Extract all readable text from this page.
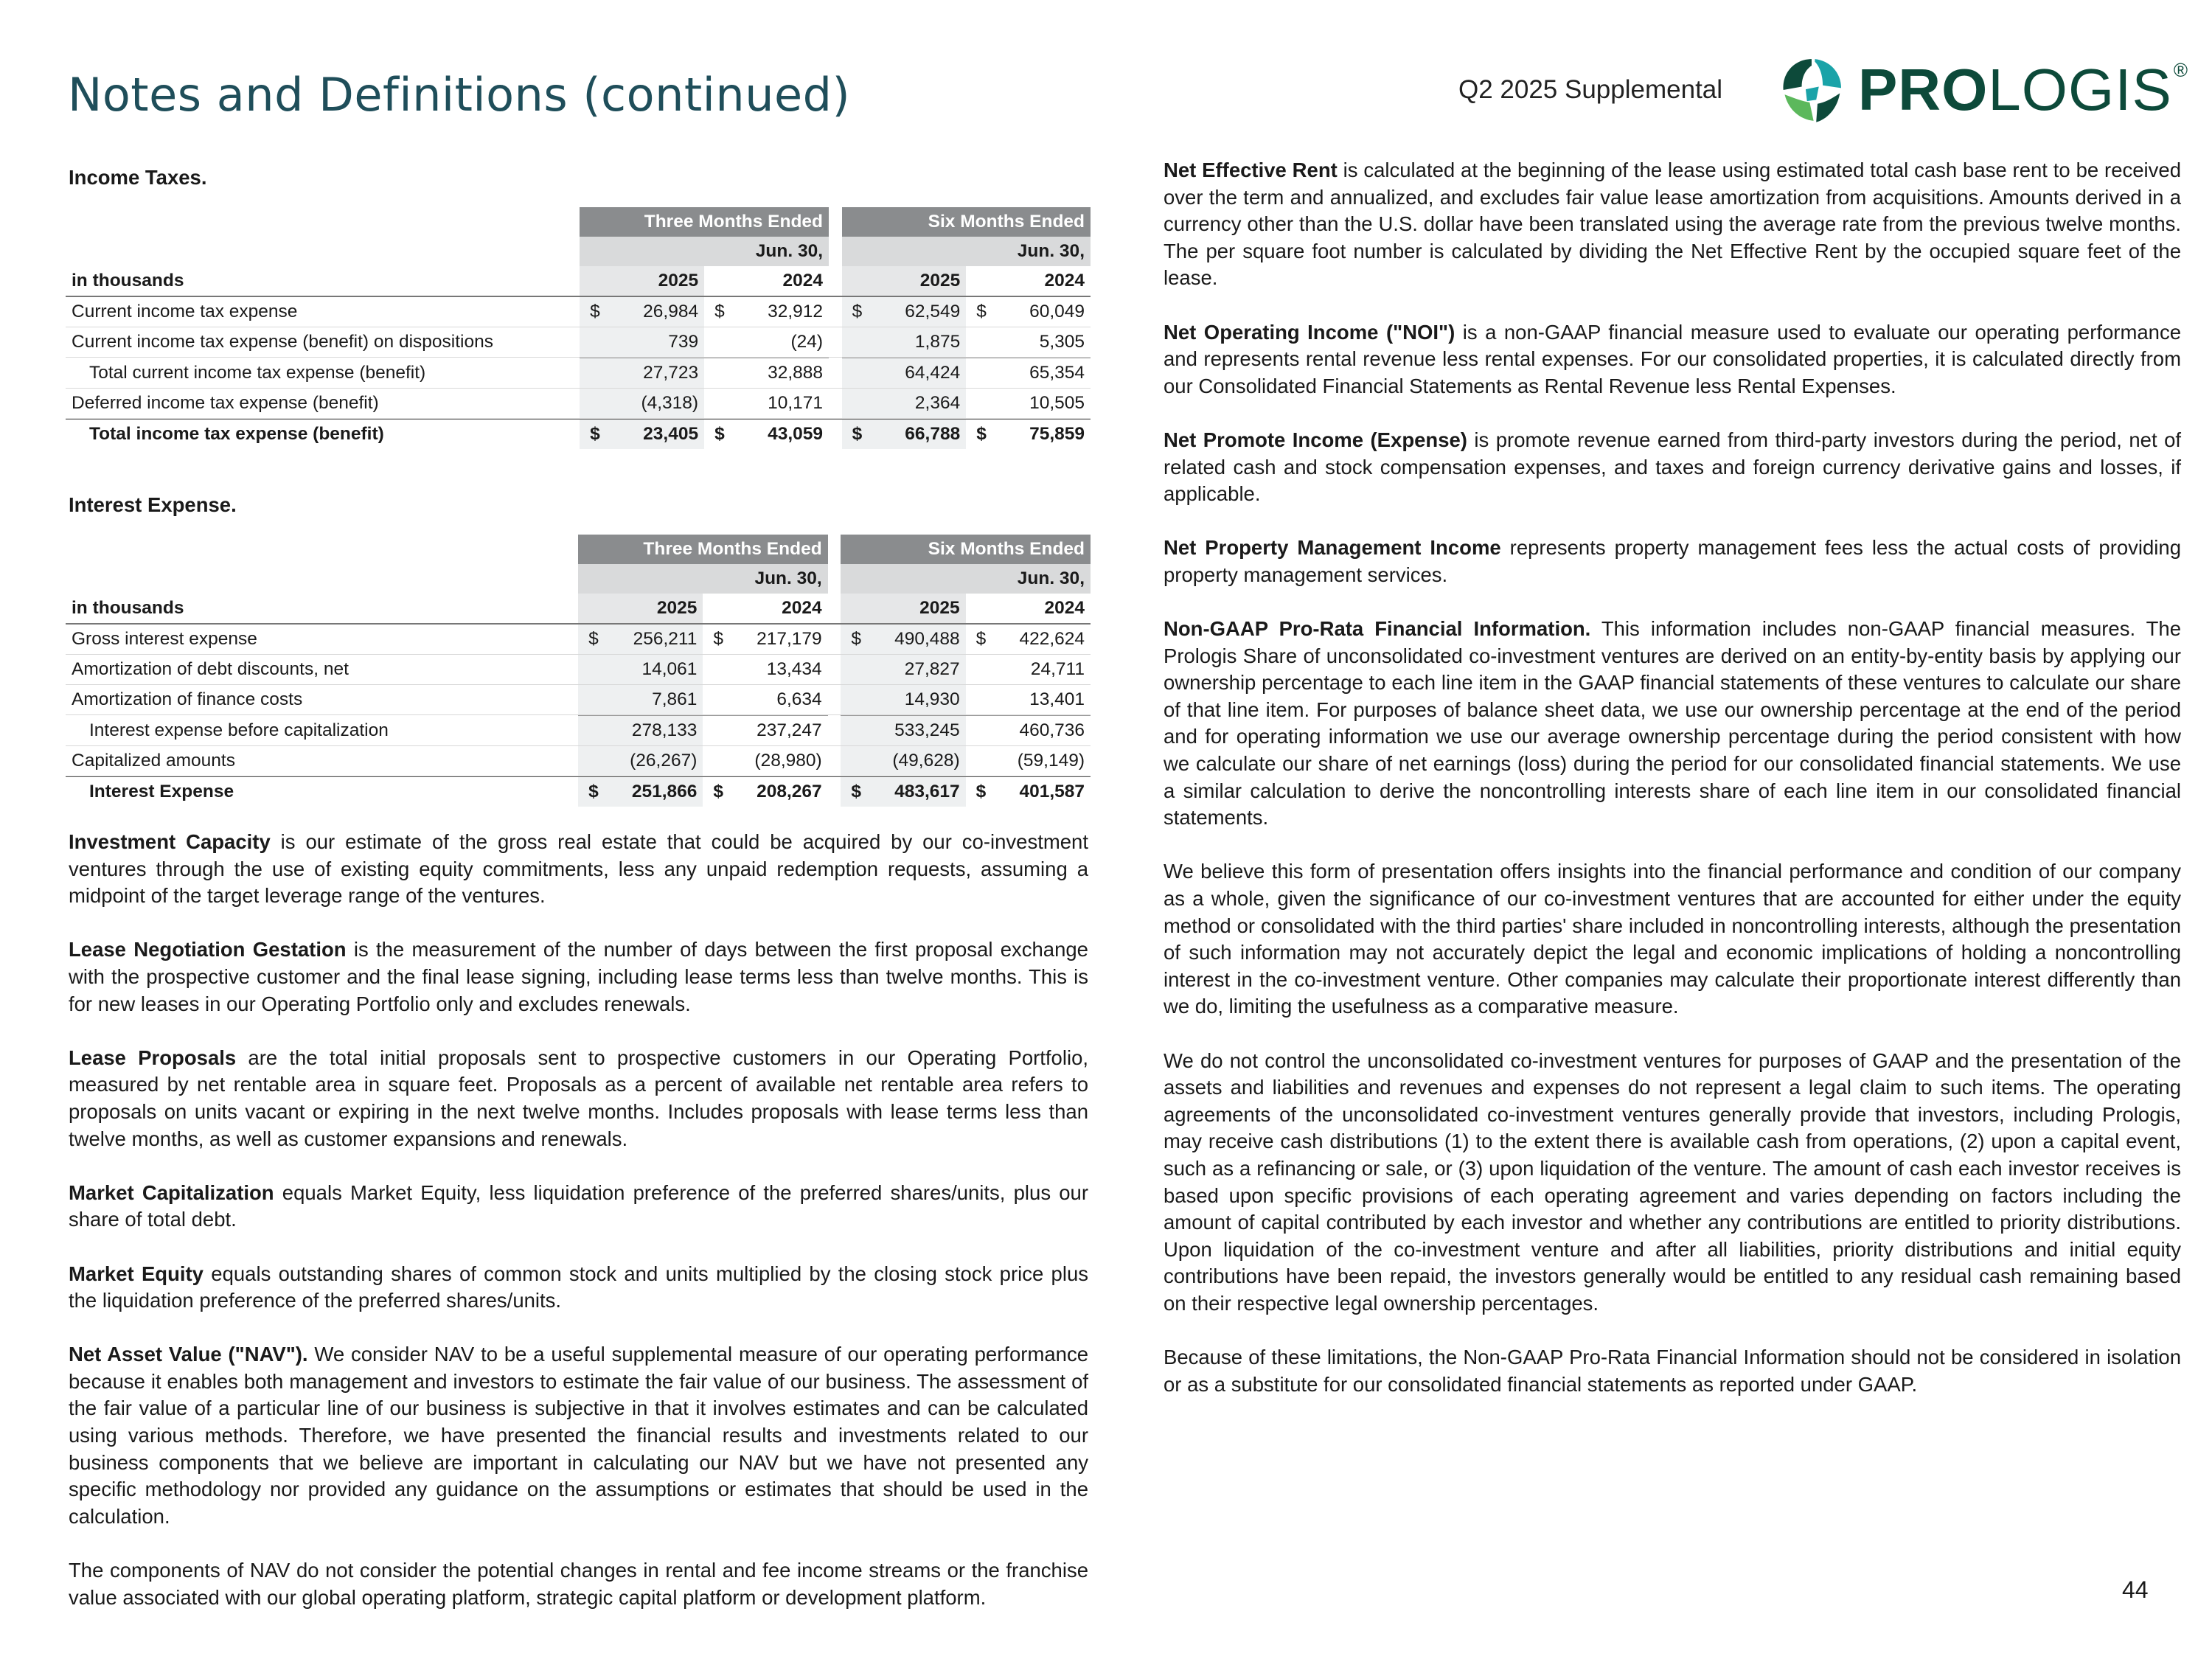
Notes and Definitions (continued)	Q2 2025 Supplemental PROLOGIS®
Income Taxes.
	Three Months Ended					Six Months Ended			
	Jun. 30,					Jun. 30,			
in thousands		2025		2024			2025		2024
Current income tax expense	$	26,984	$	32,912		$	62,549	$	60,049
Current income tax expense (benefit) on dispositions		739		(24)			1,875		5,305
Total current income tax expense (benefit)		27,723		32,888			64,424		65,354
Deferred income tax expense (benefit)		(4,318)		10,171			2,364		10,505
Total income tax expense (benefit)	$	23,405	$	43,059		$	66,788	$	75,859
Interest Expense.
	Three Months Ended					Six Months Ended			
	Jun. 30,					Jun. 30,			
in thousands		2025		2024			2025		2024
Gross interest expense	$	256,211	$	217,179		$	490,488	$	422,624
Amortization of debt discounts, net		14,061		13,434			27,827		24,711
Amortization of finance costs		7,861		6,634			14,930		13,401
Interest expense before capitalization		278,133		237,247			533,245		460,736
Capitalized amounts		(26,267)		(28,980)			(49,628)		(59,149)
Interest Expense	$	251,866	$	208,267		$	483,617	$	401,587

Investment Capacity is our estimate of the gross real estate that could be acquired by our co-investment ventures through the use of existing equity commitments, less any unpaid redemption requests, assuming a midpoint of the target leverage range of the ventures.

Lease Negotiation Gestation is the measurement of the number of days between the first proposal exchange with the prospective customer and the final lease signing, including lease terms less than twelve months. This is for new leases in our Operating Portfolio only and excludes renewals.

Lease Proposals are the total initial proposals sent to prospective customers in our Operating Portfolio, measured by net rentable area in square feet. Proposals as a percent of available net rentable area refers to proposals on units vacant or expiring in the next twelve months. Includes proposals with lease terms less than twelve months, as well as customer expansions and renewals.

Market Capitalization equals Market Equity, less liquidation preference of the preferred shares/units, plus our share of total debt.

Market Equity equals outstanding shares of common stock and units multiplied by the closing stock price plus the liquidation preference of the preferred shares/units.

Net Asset Value ("NAV"). We consider NAV to be a useful supplemental measure of our operating performance because it enables both management and investors to estimate the fair value of our business. The assessment of the fair value of a particular line of our business is subjective in that it involves estimates and can be calculated using various methods. Therefore, we have presented the financial results and investments related to our business components that we believe are important in calculating our NAV but we have not presented any specific methodology nor provided any guidance on the assumptions or estimates that should be used in the calculation.

The components of NAV do not consider the potential changes in rental and fee income streams or the franchise value associated with our global operating platform, strategic capital platform or development platform.

Net Effective Rent is calculated at the beginning of the lease using estimated total cash base rent to be received over the term and annualized, and excludes fair value lease amortization from acquisitions. Amounts derived in a currency other than the U.S. dollar have been translated using the average rate from the previous twelve months. The per square foot number is calculated by dividing the Net Effective Rent by the occupied square feet of the lease.

Net Operating Income ("NOI") is a non-GAAP financial measure used to evaluate our operating performance and represents rental revenue less rental expenses. For our consolidated properties, it is calculated directly from our Consolidated Financial Statements as Rental Revenue less Rental Expenses.

Net Promote Income (Expense) is promote revenue earned from third-party investors during the period, net of related cash and stock compensation expenses, and taxes and foreign currency derivative gains and losses, if applicable.

Net Property Management Income represents property management fees less the actual costs of providing property management services.

Non-GAAP Pro-Rata Financial Information. This information includes non-GAAP financial measures. The Prologis Share of unconsolidated co-investment ventures are derived on an entity-by-entity basis by applying our ownership percentage to each line item in the GAAP financial statements of these ventures to calculate our share of that line item. For purposes of balance sheet data, we use our ownership percentage at the end of the period and for operating information we use our average ownership percentage during the period consistent with how we calculate our share of net earnings (loss) during the period for our consolidated financial statements. We use a similar calculation to derive the noncontrolling interests share of each line item in our consolidated financial statements.

We believe this form of presentation offers insights into the financial performance and condition of our company as a whole, given the significance of our co-investment ventures that are accounted for either under the equity method or consolidated with the third parties' share included in noncontrolling interests, although the presentation of such information may not accurately depict the legal and economic implications of holding a noncontrolling interest in the co-investment venture. Other companies may calculate their proportionate interest differently than we do, limiting the usefulness as a comparative measure.

We do not control the unconsolidated co-investment ventures for purposes of GAAP and the presentation of the assets and liabilities and revenues and expenses do not represent a legal claim to such items. The operating agreements of the unconsolidated co-investment ventures generally provide that investors, including Prologis, may receive cash distributions (1) to the extent there is available cash from operations, (2) upon a capital event, such as a refinancing or sale, or (3) upon liquidation of the venture. The amount of cash each investor receives is based upon specific provisions of each operating agreement and varies depending on factors including the amount of capital contributed by each investor and whether any contributions are entitled to priority distributions. Upon liquidation of the co-investment venture and after all liabilities, priority distributions and initial equity contributions have been repaid, the investors generally would be entitled to any residual cash remaining based on their respective legal ownership percentages.

Because of these limitations, the Non-GAAP Pro-Rata Financial Information should not be considered in isolation or as a substitute for our consolidated financial statements as reported under GAAP.

44
